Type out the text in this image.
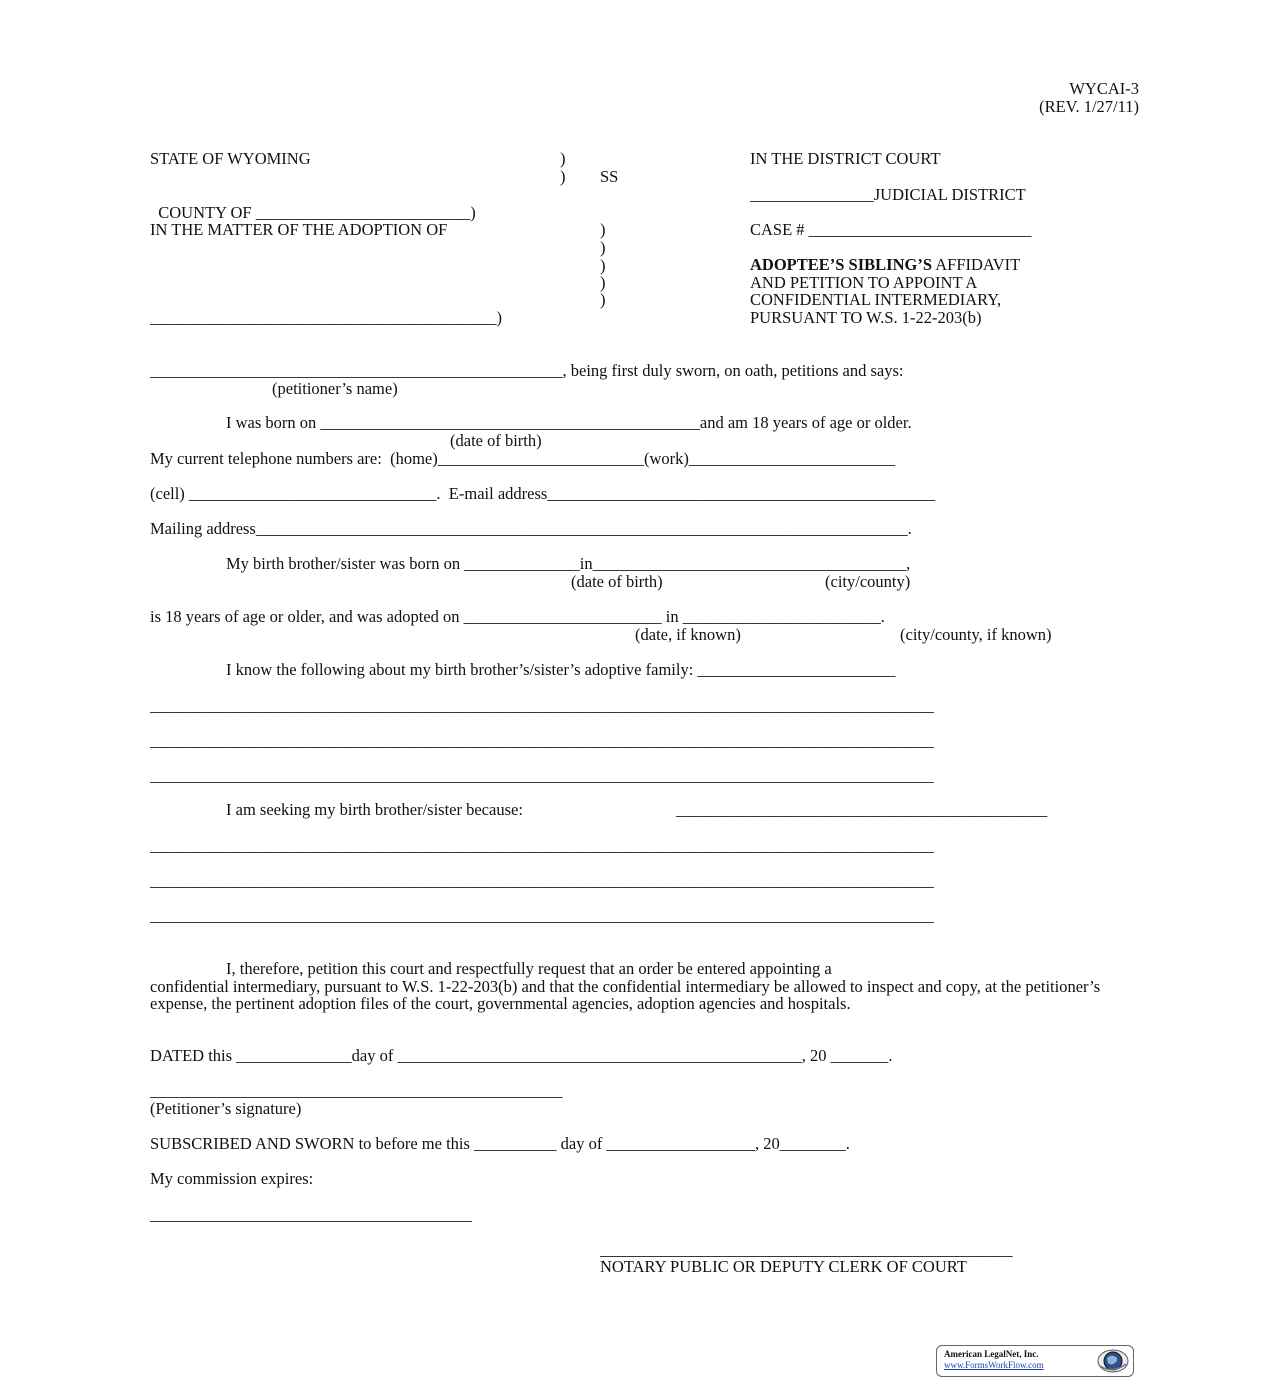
WYCAI-3
(REV. 1/27/11)
STATE OF WYOMING	)
) SS

COUNTY OF __________________________)

IN THE DISTRICT COURT
_______________JUDICIAL DISTRICT
IN THE MATTER OF THE ADOPTION OF	)
)
)
)
)
__________________________________________)
CASE # ___________________________
ADOPTEE’S SIBLING’S AFFIDAVIT
AND PETITION TO APPOINT A
CONFIDENTIAL INTERMEDIARY,
PURSUANT TO W.S. 1-22-203(b)
__________________________________________________, being first duly sworn, on oath, petitions and says:
(petitioner’s name)
I was born on ______________________________________________and am 18 years of age or older.
(date of birth)
My current telephone numbers are:  (home)_________________________(work)_________________________
(cell) ______________________________.  E-mail address_______________________________________________
Mailing address_______________________________________________________________________________.
My birth brother/sister was born on ______________in______________________________________,
(date of birth)	(city/county)
is 18 years of age or older, and was adopted on ________________________ in ________________________.
(date, if known)	(city/county, if known)
I know the following about my birth brother’s/sister’s adoptive family: ________________________
_______________________________________________________________________________________________
_______________________________________________________________________________________________
_______________________________________________________________________________________________
I am seeking my birth brother/sister because:	_____________________________________________
_______________________________________________________________________________________________
_______________________________________________________________________________________________
_______________________________________________________________________________________________
I, therefore, petition this court and respectfully request that an order be entered appointing a
confidential intermediary, pursuant to W.S. 1-22-203(b) and that the confidential intermediary be allowed to inspect and copy, at the petitioner’s expense, the pertinent adoption files of the court, governmental agencies, adoption agencies and hospitals.
DATED this ______________day of _________________________________________________, 20 _______.
__________________________________________________
(Petitioner’s signature)
SUBSCRIBED AND SWORN to before me this __________ day of __________________, 20________.
My commission expires:
_______________________________________
__________________________________________________
NOTARY PUBLIC OR DEPUTY CLERK OF COURT
American LegalNet, Inc.
www.FormsWorkFlow.com
